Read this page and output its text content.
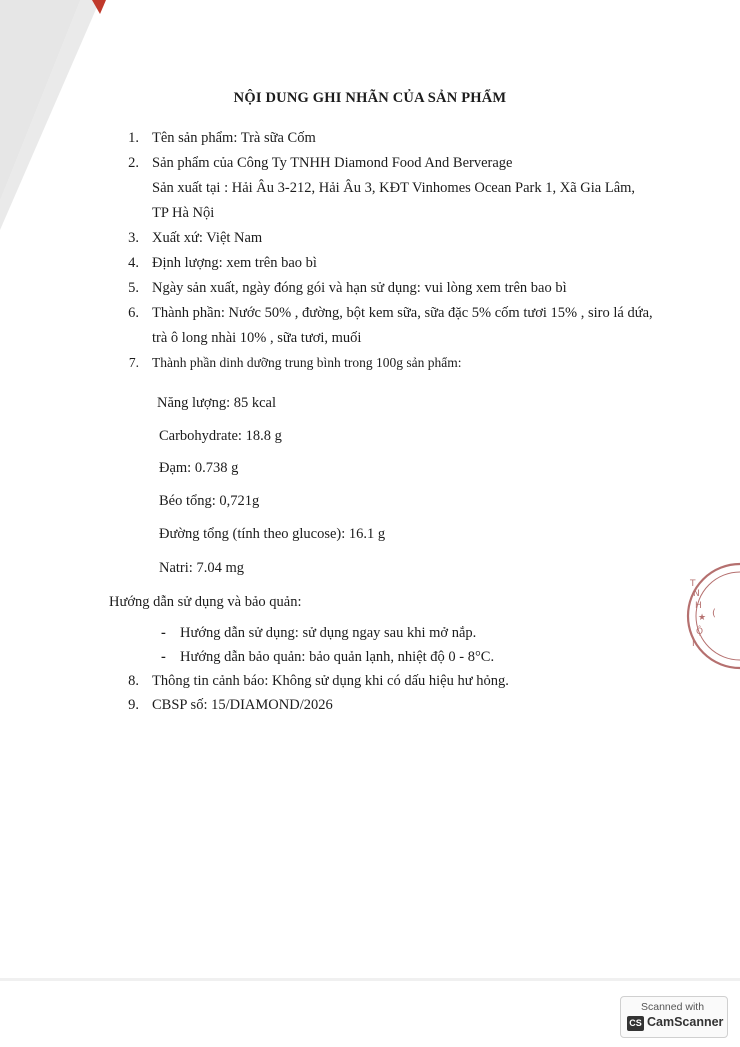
NỘI DUNG GHI NHÃN CỦA SẢN PHẨM
1. Tên sản phẩm: Trà sữa Cốm
2. Sản phẩm của Công Ty TNHH Diamond Food And Berverage
Sản xuất tại : Hải Âu 3-212, Hải Âu 3, KĐT Vinhomes Ocean Park 1, Xã Gia Lâm,
TP Hà Nội
3. Xuất xứ: Việt Nam
4. Định lượng: xem trên bao bì
5. Ngày sản xuất, ngày đóng gói và hạn sử dụng: vui lòng xem trên bao bì
6. Thành phần: Nước 50% , đường, bột kem sữa, sữa đặc 5% cốm tươi 15% , siro lá dứa,
trà ô long nhài 10% , sữa tươi, muối
7. Thành phần dinh dưỡng trung bình trong 100g sản phẩm:
Năng lượng: 85 kcal
Carbohydrate: 18.8 g
Đạm: 0.738 g
Béo tổng: 0,721g
Đường tổng (tính theo glucose): 16.1 g
Natri: 7.04 mg
Hướng dẫn sử dụng và bảo quản:
- Hướng dẫn sử dụng: sử dụng ngay sau khi mở nắp.
- Hướng dẫn bảo quản: bảo quản lạnh, nhiệt độ 0 - 8°C.
8. Thông tin cảnh báo: Không sử dụng khi có dấu hiệu hư hỏng.
9. CBSP số: 15/DIAMOND/2026
T
N
H
★
Ộ
I
(
Scanned with
CS CamScanner
